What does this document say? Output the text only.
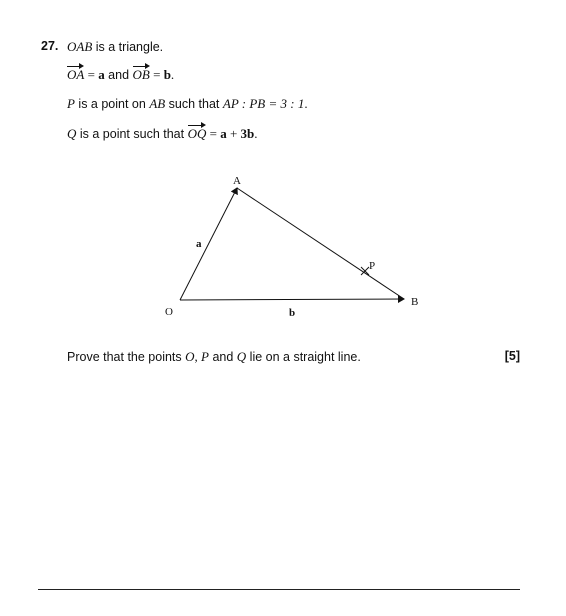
27. OAB is a triangle.
OA = a and OB = b.
P is a point on AB such that AP : PB = 3 : 1.
Q is a point such that OQ = a + 3b.
A
O
B
P
a
b
Prove that the points O, P and Q lie on a straight line.	[5]
